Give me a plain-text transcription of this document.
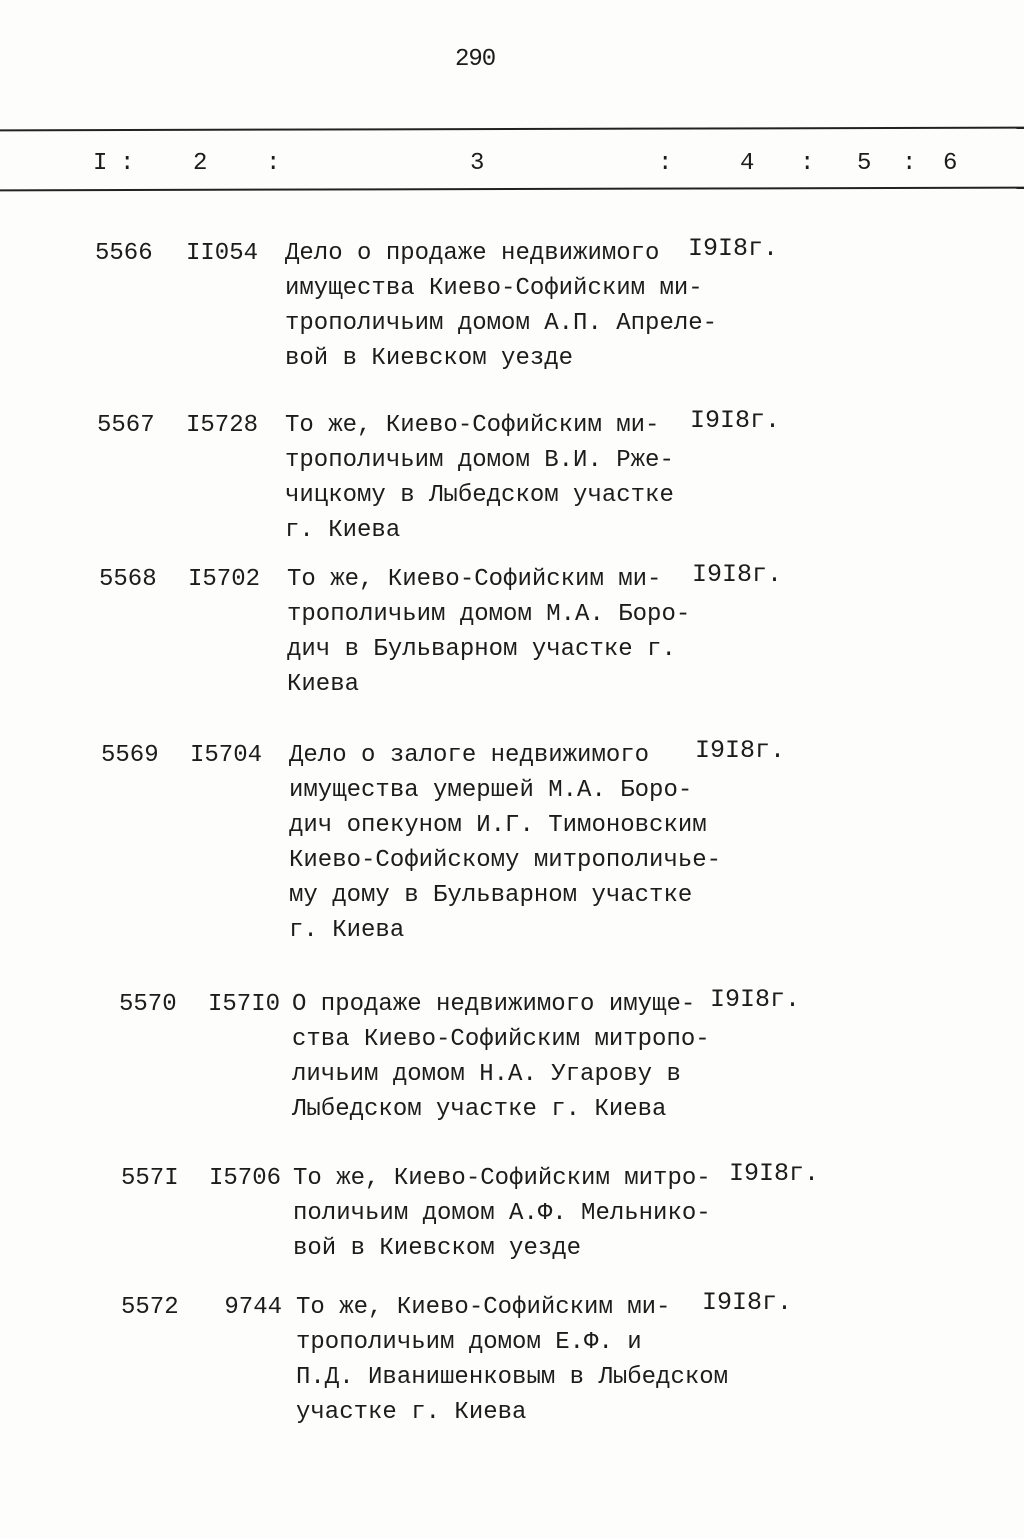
290
I : 2 :	3	:	4 : 5 : 6
5566	II054 Дело о продаже недвижимого
имущества Киево-Софийским ми-
трополичьим домом А.П. Апреле-
вой в Киевском уезде
I9I8г.
5567	I5728 То же, Киево-Софийским ми-
трополичьим домом В.И. Рже-
чицкому в Лыбедском участке
г. Киева
I9I8г.
5568	I5702 То же, Киево-Софийским ми-
трополичьим домом М.А. Боро-
дич в Бульварном участке г.
Киева
I9I8г.
5569	I5704 Дело о залоге недвижимого
имущества умершей М.А. Боро-
дич опекуном И.Г. Тимоновским
Киево-Софийскому митрополичье-
му дому в Бульварном участке
г. Киева
I9I8г.
5570	I57I0 О продаже недвижимого имуще-
ства Киево-Софийским митропо-
личьим домом Н.А. Угарову в
Лыбедском участке г. Киева
I9I8г.
557I	I5706 То же, Киево-Софийским митро-
поличьим домом А.Ф. Мельнико-
вой в Киевском уезде
I9I8г.
5572	9744 То же, Киево-Софийским ми-
трополичьим домом Е.Ф. и
П.Д. Иванишенковым в Лыбедском
участке г. Киева
I9I8г.
